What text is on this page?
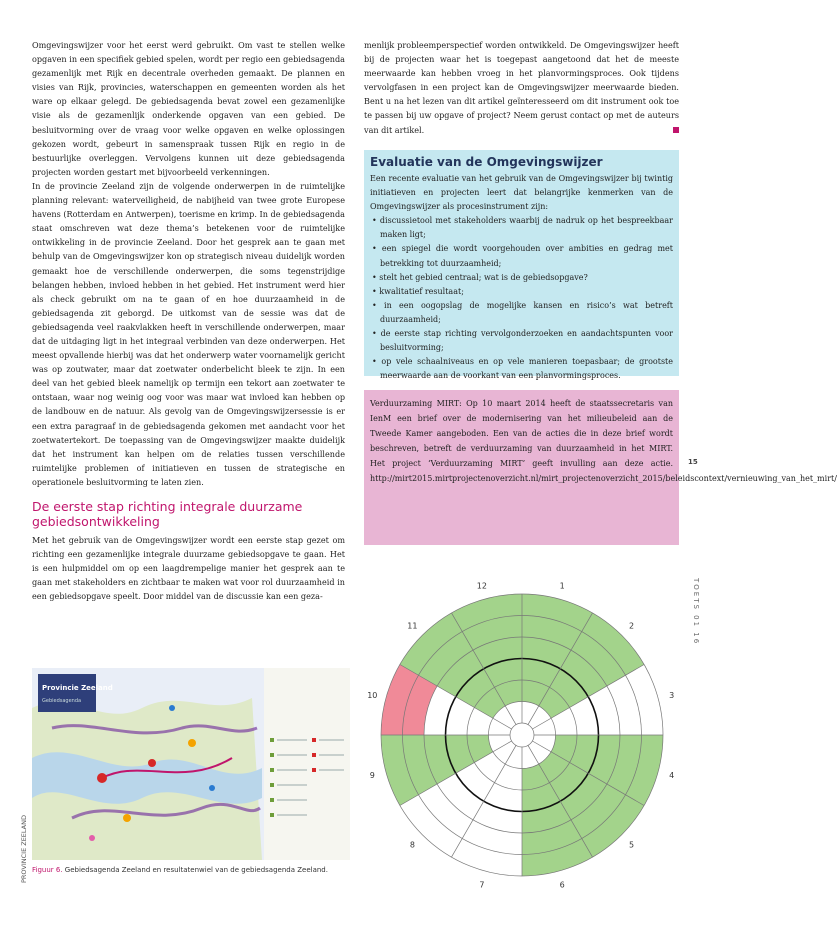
Omgevingswijzer voor het eerst werd gebruikt. Om vast te stellen welke opgaven in een specifiek gebied spelen, wordt per regio een gebiedsagenda gezamenlijk met Rijk en decentrale overheden gemaakt. De plannen en visies van Rijk, provincies, waterschappen en gemeenten worden als het ware op elkaar gelegd. De gebiedsagenda bevat zowel een gezamenlijke visie als de gezamenlijk onderkende opgaven van een gebied. De besluitvorming over de vraag voor welke opgaven en welke oplossingen gekozen wordt, gebeurt in samenspraak tussen Rijk en regio in de bestuurlijke overleggen. Vervolgens kunnen uit deze gebiedsagenda projecten worden gestart met bijvoorbeeld verkenningen.

In de provincie Zeeland zijn de volgende onderwerpen in de ruimtelijke planning relevant: waterveiligheid, de nabijheid van twee grote Europese havens (Rotterdam en Antwerpen), toerisme en krimp. In de gebiedsagenda staat omschreven wat deze thema’s betekenen voor de ruimtelijke ontwikkeling in de provincie Zeeland. Door het gesprek aan te gaan met behulp van de Omgevingswijzer kon op strategisch niveau duidelijk worden gemaakt hoe de verschillende onderwerpen, die soms tegenstrijdige belangen hebben, invloed hebben in het gebied. Het instrument werd hier als check gebruikt om na te gaan of en hoe duurzaamheid in de gebiedsagenda zit geborgd. De uitkomst van de sessie was dat de gebiedsagenda veel raakvlakken heeft in verschillende onderwerpen, maar dat de uitdaging ligt in het integraal verbinden van deze onderwerpen. Het meest opvallende hierbij was dat het onderwerp water voornamelijk gericht was op zoutwater, maar dat zoetwater onderbelicht bleek te zijn. In een deel van het gebied bleek namelijk op termijn een tekort aan zoetwater te ontstaan, waar nog weinig oog voor was maar wat invloed kan hebben op de landbouw en de natuur. Als gevolg van de Omgevingswijzersessie is er een extra paragraaf in de gebiedsagenda gekomen met aandacht voor het zoetwatertekort. De toepassing van de Omgevingswijzer maakte duidelijk dat het instrument kan helpen om de relaties tussen verschillende ruimtelijke problemen of initiatieven en tussen de strategische en operationele besluitvorming te laten zien.

De eerste stap richting integrale duurzame gebiedsontwikkeling

Met het gebruik van de Omgevingswijzer wordt een eerste stap gezet om richting een gezamenlijke integrale duurzame gebiedsopgave te gaan. Het is een hulpmiddel om op een laagdrempelige manier het gesprek aan te gaan met stakeholders en zichtbaar te maken wat voor rol duurzaamheid in een gebiedsopgave speelt. Door middel van de discussie kan een geza-

menlijk probleemperspectief worden ontwikkeld. De Omgevingswijzer heeft bij de projecten waar het is toegepast aangetoond dat het de meeste meerwaarde kan hebben vroeg in het planvormingsproces. Ook tijdens vervolgfasen in een project kan de Omgevingswijzer meerwaarde bieden. Bent u na het lezen van dit artikel geïnteresseerd om dit instrument ook toe te passen bij uw opgave of project? Neem gerust contact op met de auteurs van dit artikel.

Evaluatie van de Omgevingswijzer

Een recente evaluatie van het gebruik van de Omgevingswijzer bij twintig initiatieven en projecten leert dat belangrijke kenmerken van de Omgevingswijzer als procesinstrument zijn:

• discussietool met stakeholders waarbij de nadruk op het bespreekbaar maken ligt;
• een spiegel die wordt voorgehouden over ambities en gedrag met betrekking tot duurzaamheid;
• stelt het gebied centraal; wat is de gebiedsopgave?
• kwalitatief resultaat;
• in een oogopslag de mogelijke kansen en risico’s wat betreft duurzaamheid;
• de eerste stap richting vervolgonderzoeken en aandachtspunten voor besluitvorming;
• op vele schaalniveaus en op vele manieren toepasbaar; de grootste meerwaarde aan de voorkant van een planvormingsproces.
Verduurzaming MIRT: Op 10 maart 2014 heeft de staatssecretaris van IenM een brief over de modernisering van het milieubeleid aan de Tweede Kamer aangeboden. Een van de acties die in deze brief wordt beschreven, betreft de verduurzaming van duurzaamheid in het MIRT. Het project ‘Verduurzaming MIRT’ geeft invulling aan deze actie. http://mirt2015.mirtprojectenoverzicht.nl/mirt_projectenoverzicht_2015/beleidscontext/vernieuwing_van_het_mirt/
15
TOETS 01 16
Provincie Zeeland
Gebiedsagenda
PROVINCIE ZEELAND Figuur 6. Gebiedsagenda Zeeland en resultatenwiel van de gebiedsagenda Zeeland.
1
2
3
4
5
6
7
8
9
10
11
12
